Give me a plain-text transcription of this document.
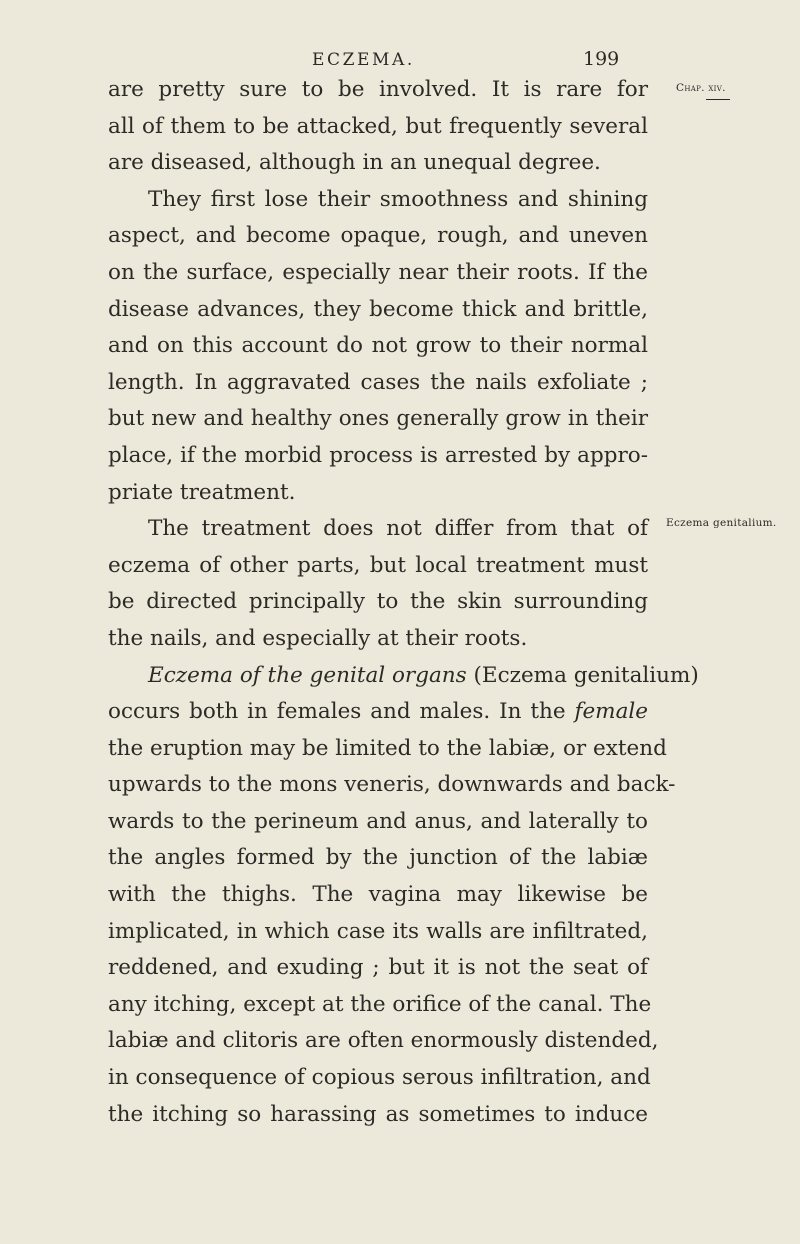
ECZEMA.	199
Chap. xiv.
Eczema genitalium.
are pretty sure to be involved. It is rare for
all of them to be attacked, but frequently several
are diseased, although in an unequal degree.
They first lose their smoothness and shining
aspect, and become opaque, rough, and uneven
on the surface, especially near their roots. If the
disease advances, they become thick and brittle,
and on this account do not grow to their normal
length. In aggravated cases the nails exfoliate ;
but new and healthy ones generally grow in their
place, if the morbid process is arrested by appro-
priate treatment.
The treatment does not differ from that of
eczema of other parts, but local treatment must
be directed principally to the skin surrounding
the nails, and especially at their roots.
Eczema of the genital organs (Eczema genitalium)
occurs both in females and males. In the female
the eruption may be limited to the labiæ, or extend
upwards to the mons veneris, downwards and back-
wards to the perineum and anus, and laterally to
the angles formed by the junction of the labiæ
with the thighs. The vagina may likewise be
implicated, in which case its walls are infiltrated,
reddened, and exuding ; but it is not the seat of
any itching, except at the orifice of the canal. The
labiæ and clitoris are often enormously distended,
in consequence of copious serous infiltration, and
the itching so harassing as sometimes to induce
